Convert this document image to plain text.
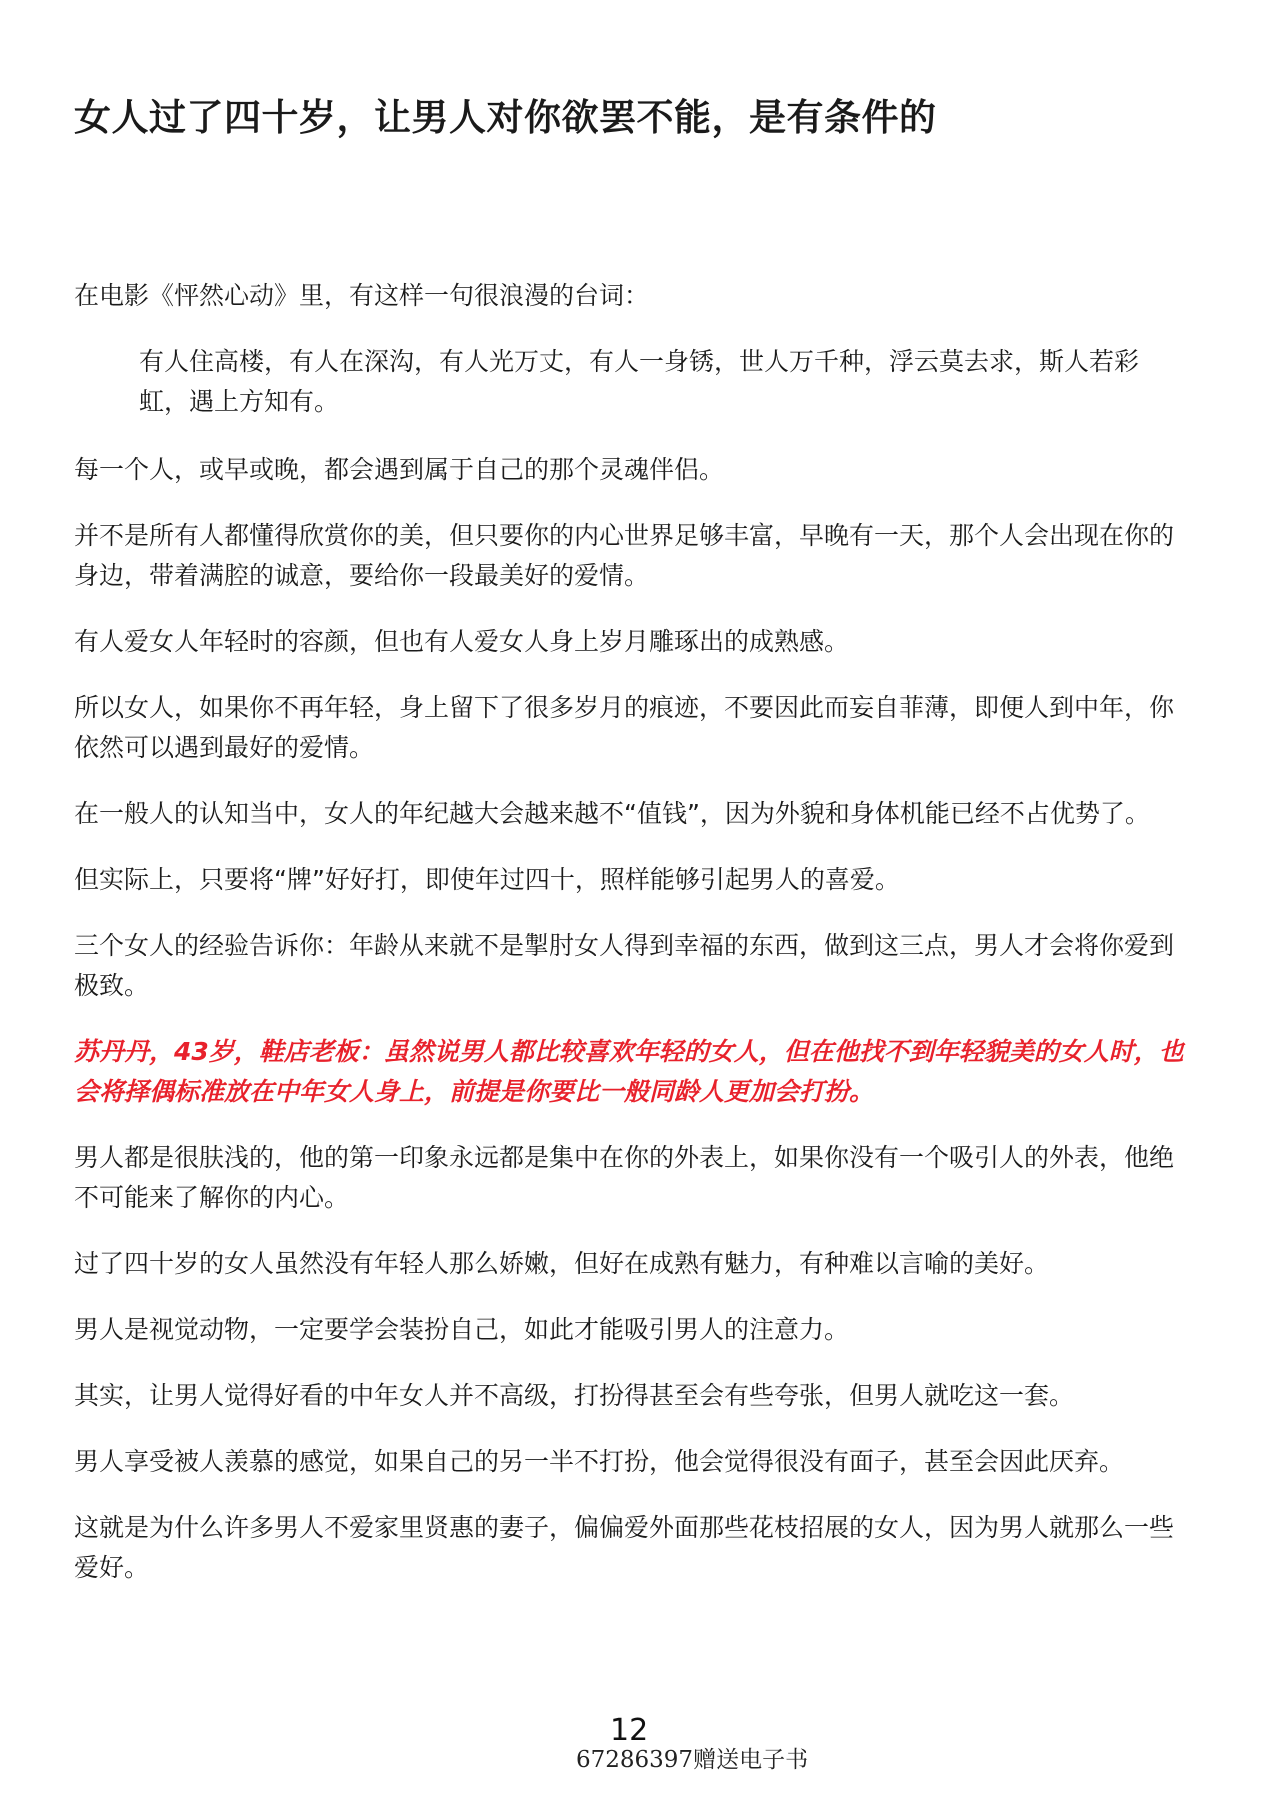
女人过了四十岁，让男人对你欲罢不能，是有条件的

在电影《怦然心动》里，有这样一句很浪漫的台词：

有人住高楼，有人在深沟，有人光万丈，有人一身锈，世人万千种，浮云莫去求，斯人若彩虹，遇上方知有。

每一个人，或早或晚，都会遇到属于自己的那个灵魂伴侣。

并不是所有人都懂得欣赏你的美，但只要你的内心世界足够丰富，早晚有一天，那个人会出现在你的身边，带着满腔的诚意，要给你一段最美好的爱情。

有人爱女人年轻时的容颜，但也有人爱女人身上岁月雕琢出的成熟感。

所以女人，如果你不再年轻，身上留下了很多岁月的痕迹，不要因此而妄自菲薄，即便人到中年，你依然可以遇到最好的爱情。

在一般人的认知当中，女人的年纪越大会越来越不“值钱”，因为外貌和身体机能已经不占优势了。

但实际上，只要将“牌”好好打，即使年过四十，照样能够引起男人的喜爱。

三个女人的经验告诉你：年龄从来就不是掣肘女人得到幸福的东西，做到这三点，男人才会将你爱到极致。

苏丹丹，43岁，鞋店老板：虽然说男人都比较喜欢年轻的女人，但在他找不到年轻貌美的女人时，也会将择偶标准放在中年女人身上，前提是你要比一般同龄人更加会打扮。

男人都是很肤浅的，他的第一印象永远都是集中在你的外表上，如果你没有一个吸引人的外表，他绝不可能来了解你的内心。

过了四十岁的女人虽然没有年轻人那么娇嫩，但好在成熟有魅力，有种难以言喻的美好。

男人是视觉动物，一定要学会装扮自己，如此才能吸引男人的注意力。

其实，让男人觉得好看的中年女人并不高级，打扮得甚至会有些夸张，但男人就吃这一套。

男人享受被人羡慕的感觉，如果自己的另一半不打扮，他会觉得很没有面子，甚至会因此厌弃。

这就是为什么许多男人不爱家里贤惠的妻子，偏偏爱外面那些花枝招展的女人，因为男人就那么一些爱好。

12
67286397赠送电子书
